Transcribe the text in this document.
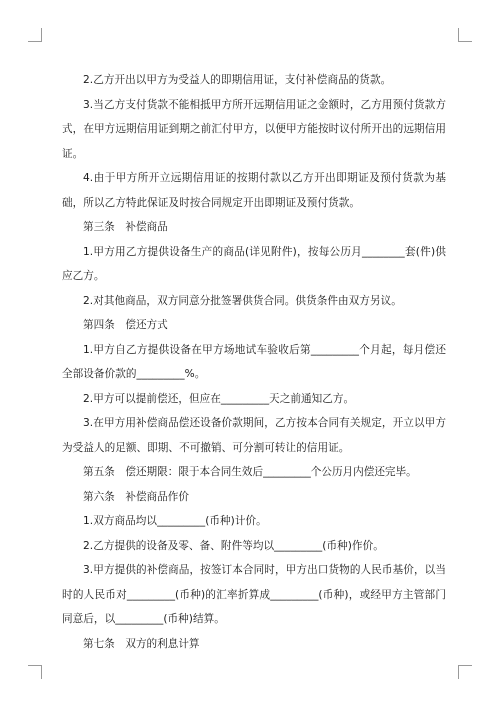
2.乙方开出以甲方为受益人的即期信用证，支付补偿商品的货款。

3.当乙方支付货款不能相抵甲方所开远期信用证之金额时，乙方用预付货款方式，在甲方远期信用证到期之前汇付甲方，以便甲方能按时议付所开出的远期信用证。

4.由于甲方所开立远期信用证的按期付款以乙方开出即期证及预付货款为基础，所以乙方特此保证及时按合同规定开出即期证及预付货款。

第三条　补偿商品

1.甲方用乙方提供设备生产的商品(详见附件)，按每公历月________套(件)供应乙方。

2.对其他商品，双方同意分批签署供货合同。供货条件由双方另议。

第四条　偿还方式

1.甲方自乙方提供设备在甲方场地试车验收后第_________个月起，每月偿还全部设备价款的_________%。

2.甲方可以提前偿还，但应在_________天之前通知乙方。

3.在甲方用补偿商品偿还设备价款期间，乙方按本合同有关规定，开立以甲方为受益人的足额、即期、不可撤销、可分割可转让的信用证。

第五条　偿还期限：限于本合同生效后_________个公历月内偿还完毕。

第六条　补偿商品作价

1.双方商品均以_________(币种)计价。

2.乙方提供的设备及零、备、附件等均以_________(币种)作价。

3.甲方提供的补偿商品，按签订本合同时，甲方出口货物的人民币基价，以当时的人民币对_________(币种)的汇率折算成_________(币种)，或经甲方主管部门同意后，以_________(币种)结算。

第七条　双方的利息计算
